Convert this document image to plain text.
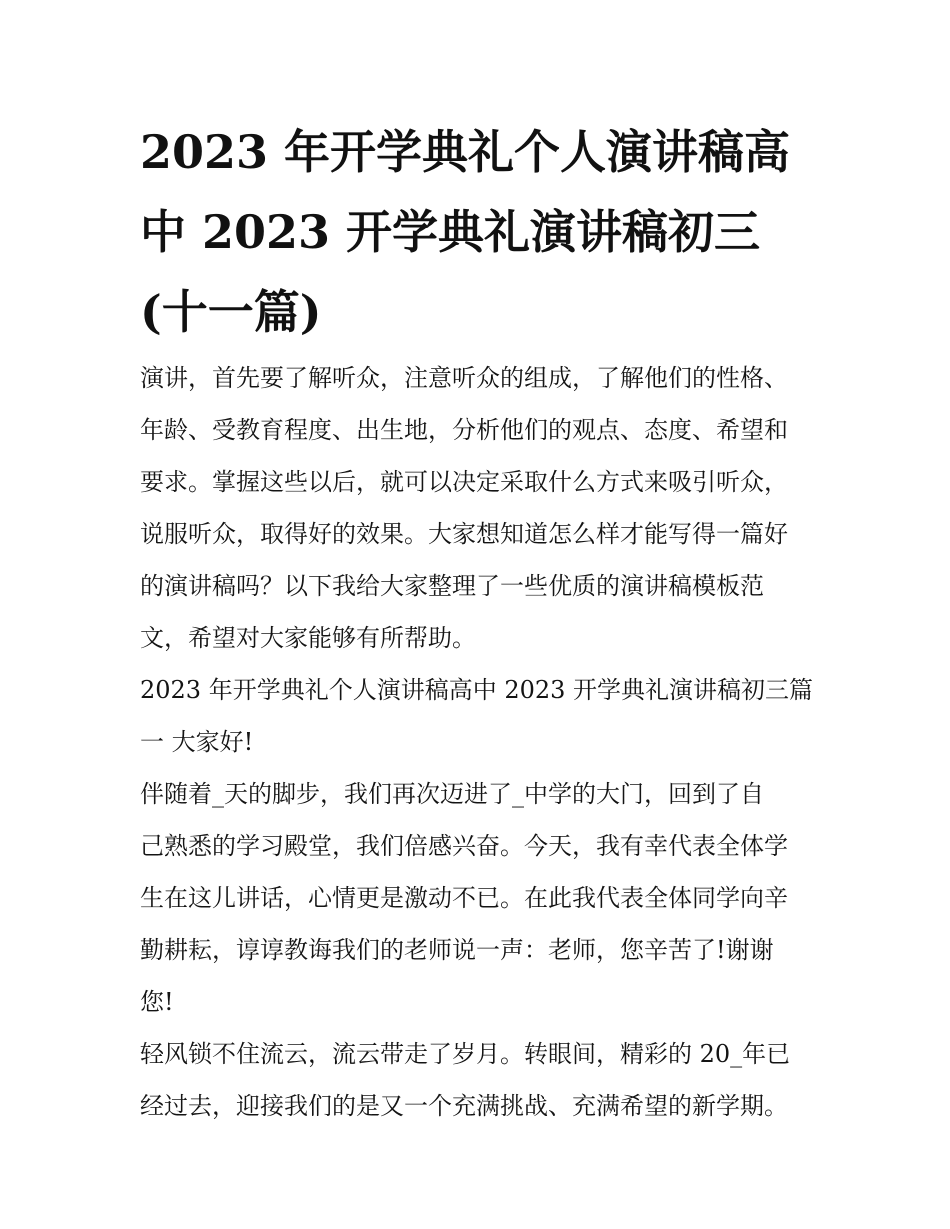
2023 年开学典礼个人演讲稿高
中 2023 开学典礼演讲稿初三
(十一篇)

演讲，首先要了解听众，注意听众的组成，了解他们的性格、
年龄、受教育程度、出生地，分析他们的观点、态度、希望和
要求。掌握这些以后，就可以决定采取什么方式来吸引听众，
说服听众，取得好的效果。大家想知道怎么样才能写得一篇好
的演讲稿吗？以下我给大家整理了一些优质的演讲稿模板范
文，希望对大家能够有所帮助。

2023 年开学典礼个人演讲稿高中 2023 开学典礼演讲稿初三篇
一 大家好!

伴随着_天的脚步，我们再次迈进了_中学的大门，回到了自
己熟悉的学习殿堂，我们倍感兴奋。今天，我有幸代表全体学
生在这儿讲话，心情更是激动不已。在此我代表全体同学向辛
勤耕耘，谆谆教诲我们的老师说一声：老师，您辛苦了!谢谢
您!

轻风锁不住流云，流云带走了岁月。转眼间，精彩的 20_年已
经过去，迎接我们的是又一个充满挑战、充满希望的新学期。
